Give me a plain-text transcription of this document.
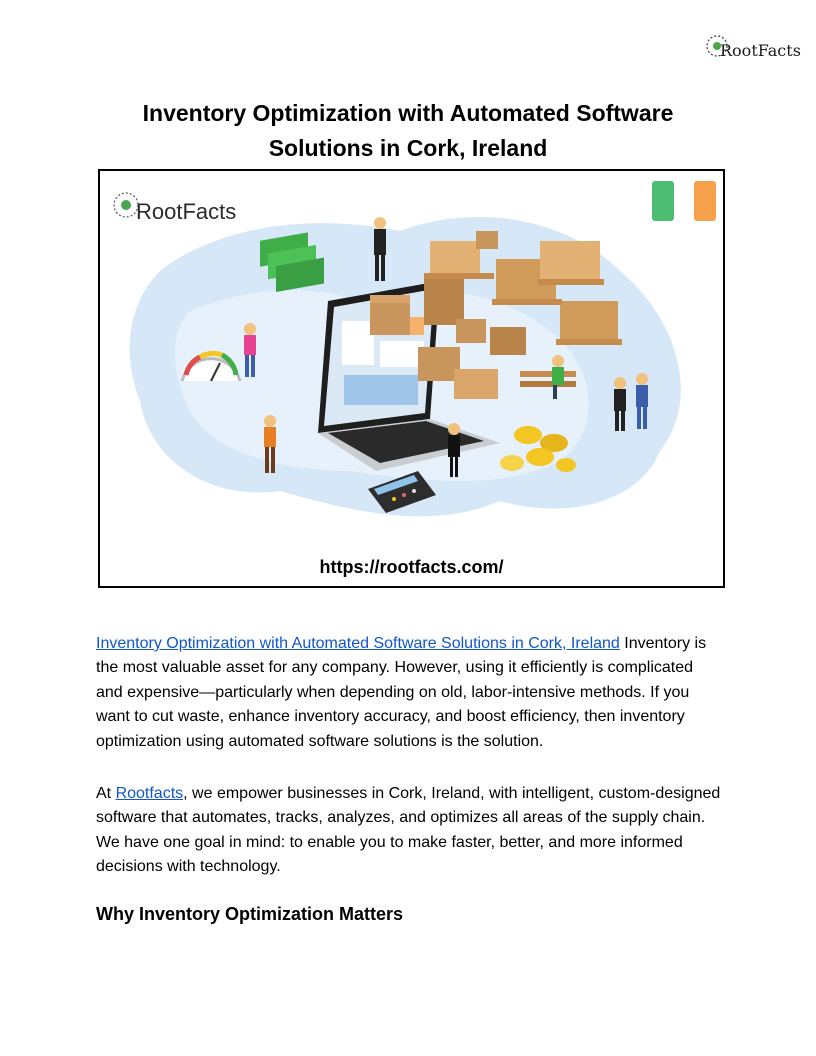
RootFacts
Inventory Optimization with Automated Software
Solutions in Cork, Ireland
RootFacts
https://rootfacts.com/

Inventory Optimization with Automated Software Solutions in Cork, Ireland Inventory is
the most valuable asset for any company. However, using it efficiently is complicated and expensive—particularly when depending on old, labor-intensive methods. If you want to cut waste, enhance inventory accuracy, and boost efficiency, then inventory optimization using automated software solutions is the solution.

At Rootfacts, we empower businesses in Cork, Ireland, with intelligent, custom-designed software that automates, tracks, analyzes, and optimizes all areas of the supply chain. We have one goal in mind: to enable you to make faster, better, and more informed decisions with technology.

Why Inventory Optimization Matters
